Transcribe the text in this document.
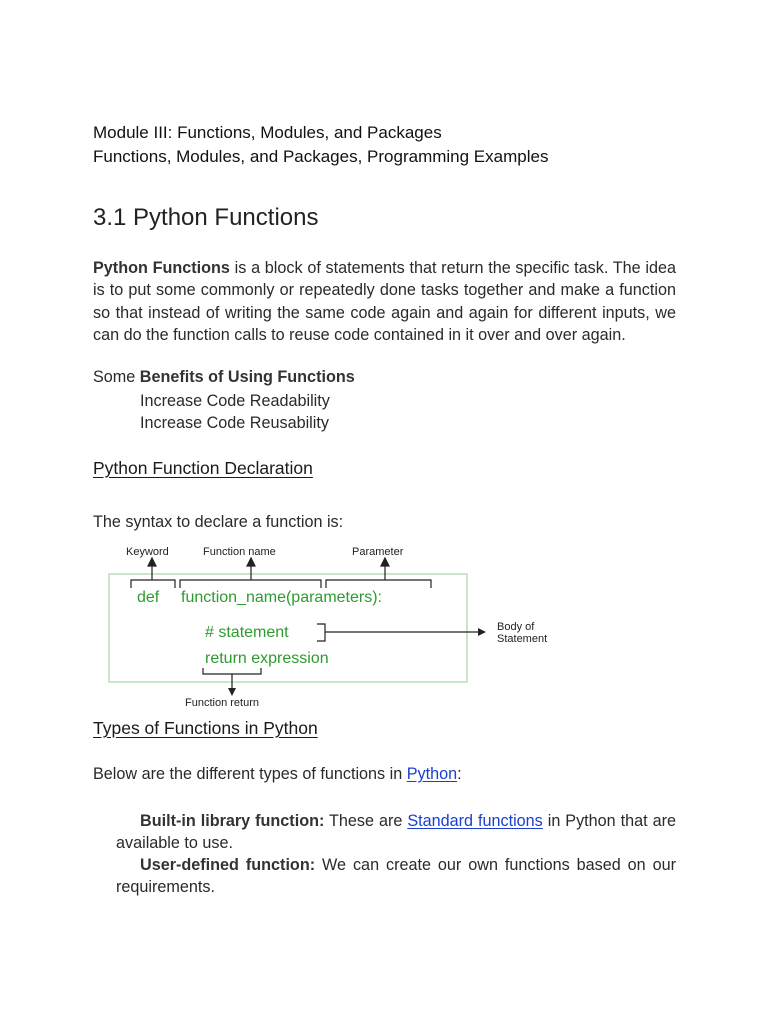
Module III: Functions, Modules, and Packages

Functions, Modules, and Packages, Programming Examples

3.1 Python Functions

Python Functions is a block of statements that return the specific task. The idea is to put some commonly or repeatedly done tasks together and make a function so that instead of writing the same code again and again for different inputs, we can do the function calls to reuse code contained in it over and over again.

Some Benefits of Using Functions

Increase Code Readability

Increase Code Reusability

Python Function Declaration

The syntax to declare a function is:

Keyword	Function name	Parameter
def function_name(parameters):
# statement
return expression
Body of
Statement
Function return
Types of Functions in Python

Below are the different types of functions in Python:

Built-in library function: These are Standard functions in Python that are available to use.

User-defined function: We can create our own functions based on our requirements.
